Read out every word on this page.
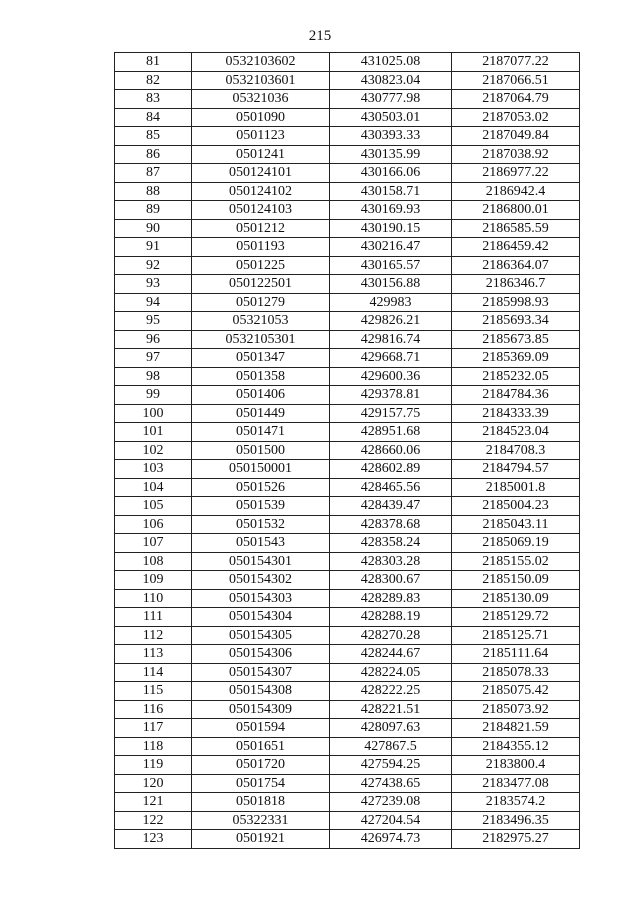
215
81	0532103602	431025.08	2187077.22
82	0532103601	430823.04	2187066.51
83	05321036	430777.98	2187064.79
84	0501090	430503.01	2187053.02
85	0501123	430393.33	2187049.84
86	0501241	430135.99	2187038.92
87	050124101	430166.06	2186977.22
88	050124102	430158.71	2186942.4
89	050124103	430169.93	2186800.01
90	0501212	430190.15	2186585.59
91	0501193	430216.47	2186459.42
92	0501225	430165.57	2186364.07
93	050122501	430156.88	2186346.7
94	0501279	429983	2185998.93
95	05321053	429826.21	2185693.34
96	0532105301	429816.74	2185673.85
97	0501347	429668.71	2185369.09
98	0501358	429600.36	2185232.05
99	0501406	429378.81	2184784.36
100	0501449	429157.75	2184333.39
101	0501471	428951.68	2184523.04
102	0501500	428660.06	2184708.3
103	050150001	428602.89	2184794.57
104	0501526	428465.56	2185001.8
105	0501539	428439.47	2185004.23
106	0501532	428378.68	2185043.11
107	0501543	428358.24	2185069.19
108	050154301	428303.28	2185155.02
109	050154302	428300.67	2185150.09
110	050154303	428289.83	2185130.09
111	050154304	428288.19	2185129.72
112	050154305	428270.28	2185125.71
113	050154306	428244.67	2185111.64
114	050154307	428224.05	2185078.33
115	050154308	428222.25	2185075.42
116	050154309	428221.51	2185073.92
117	0501594	428097.63	2184821.59
118	0501651	427867.5	2184355.12
119	0501720	427594.25	2183800.4
120	0501754	427438.65	2183477.08
121	0501818	427239.08	2183574.2
122	05322331	427204.54	2183496.35
123	0501921	426974.73	2182975.27
